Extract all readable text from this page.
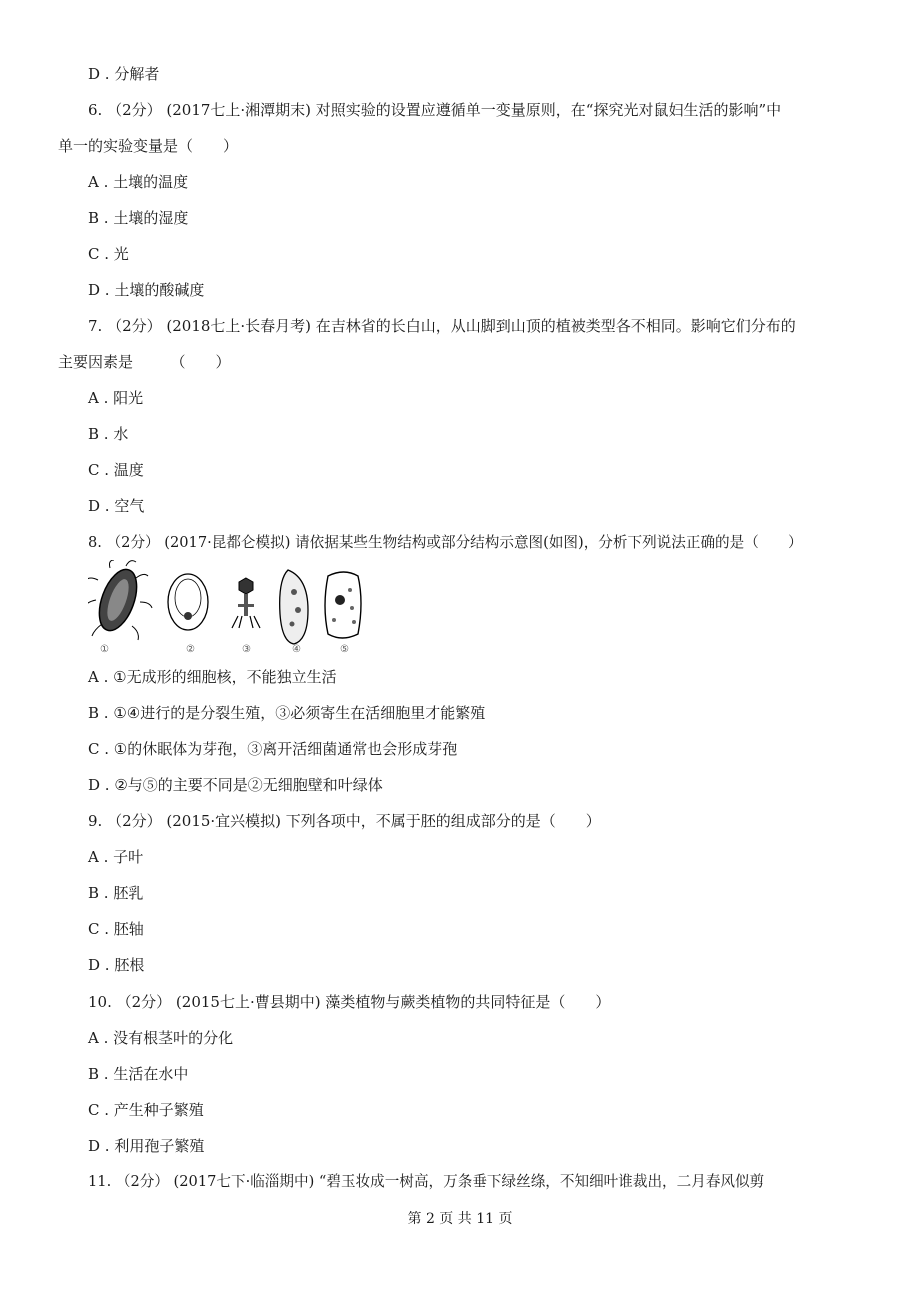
D . 分解者
6. （2分） (2017七上·湘潭期末) 对照实验的设置应遵循单一变量原则，在“探究光对鼠妇生活的影响”中
单一的实验变量是（　　）
A . 土壤的温度
B . 土壤的湿度
C . 光
D . 土壤的酸碱度
7. （2分） (2018七上·长春月考) 在吉林省的长白山，从山脚到山顶的植被类型各不相同。影响它们分布的
主要因素是　　　（　　）
A . 阳光
B . 水
C . 温度
D . 空气
8. （2分） (2017·昆都仑模拟) 请依据某些生物结构或部分结构示意图(如图)，分析下列说法正确的是（　　）
①	②	③	④	⑤
A . ①无成形的细胞核，不能独立生活
B . ①④进行的是分裂生殖，③必须寄生在活细胞里才能繁殖
C . ①的休眠体为芽孢，③离开活细菌通常也会形成芽孢
D . ②与⑤的主要不同是②无细胞壁和叶绿体
9. （2分） (2015·宜兴模拟) 下列各项中，不属于胚的组成部分的是（　　）
A . 子叶
B . 胚乳
C . 胚轴
D . 胚根
10. （2分） (2015七上·曹县期中) 藻类植物与蕨类植物的共同特征是（　　）
A . 没有根茎叶的分化
B . 生活在水中
C . 产生种子繁殖
D . 利用孢子繁殖
11. （2分） (2017七下·临淄期中) “碧玉妆成一树高，万条垂下绿丝绦，不知细叶谁裁出，二月春风似剪
第 2 页 共 11 页
